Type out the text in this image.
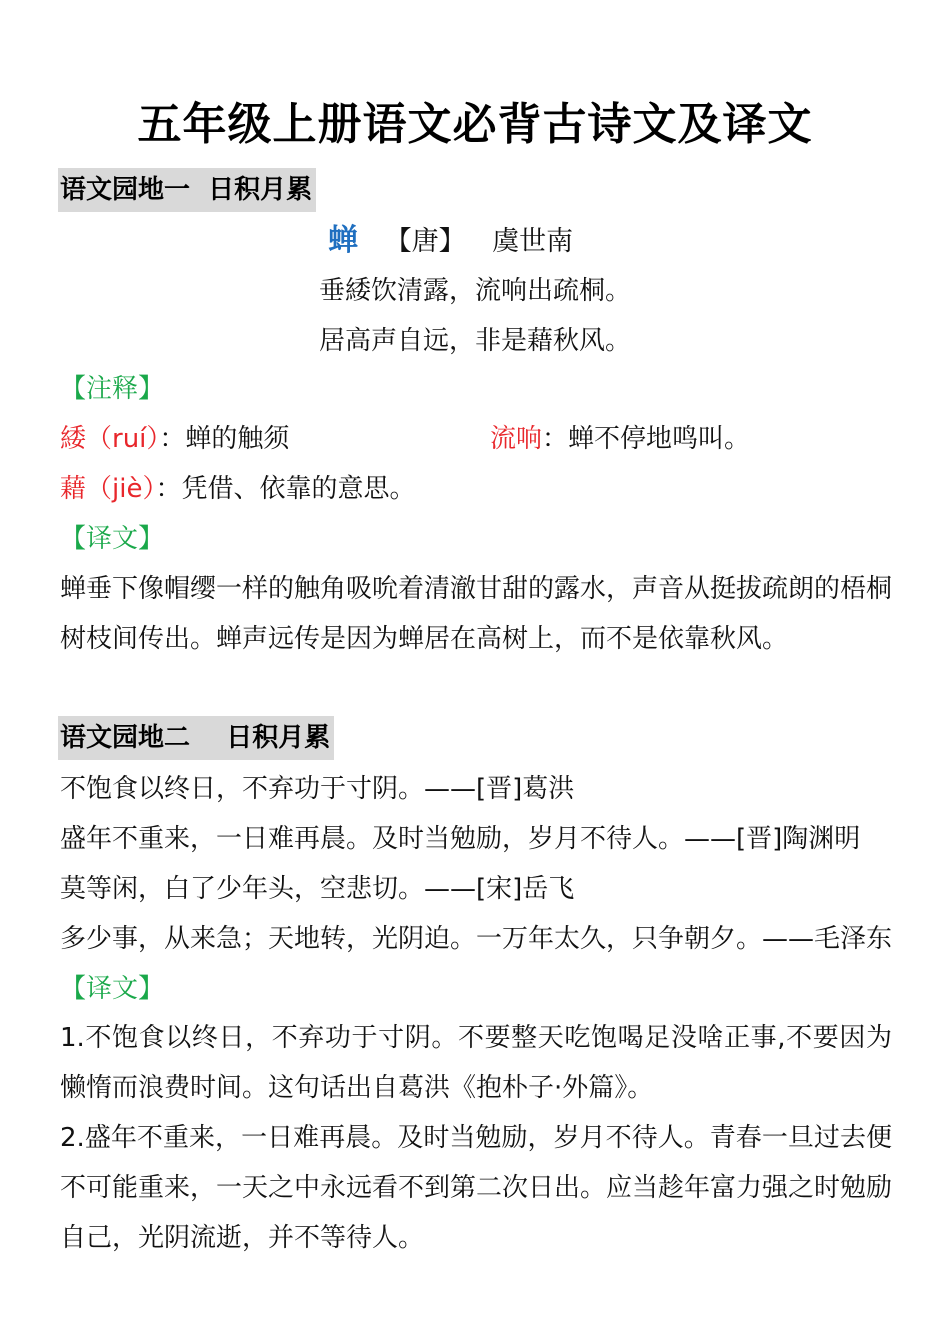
五年级上册语文必背古诗文及译文
语文园地一  日积月累
蝉 【唐】 虞世南
垂緌饮清露，流响出疏桐。
居高声自远，非是藉秋风。
【注释】
緌（ruí）：蝉的触须	流响：蝉不停地鸣叫。
藉（jiè）：凭借、依靠的意思。
【译文】
蝉垂下像帽缨一样的触角吸吮着清澈甘甜的露水，声音从挺拔疏朗的梧桐树枝间传出。蝉声远传是因为蝉居在高树上，而不是依靠秋风。
语文园地二    日积月累
不饱食以终日，不弃功于寸阴。——[晋]葛洪
盛年不重来，一日难再晨。及时当勉励，岁月不待人。——[晋]陶渊明
莫等闲，白了少年头，空悲切。——[宋]岳飞
多少事，从来急；天地转，光阴迫。一万年太久，只争朝夕。——毛泽东
【译文】
1.不饱食以终日，不弃功于寸阴。不要整天吃饱喝足没啥正事,不要因为懒惰而浪费时间。这句话出自葛洪《抱朴子·外篇》。
2.盛年不重来，一日难再晨。及时当勉励，岁月不待人。青春一旦过去便不可能重来，一天之中永远看不到第二次日出。应当趁年富力强之时勉励自己，光阴流逝，并不等待人。
